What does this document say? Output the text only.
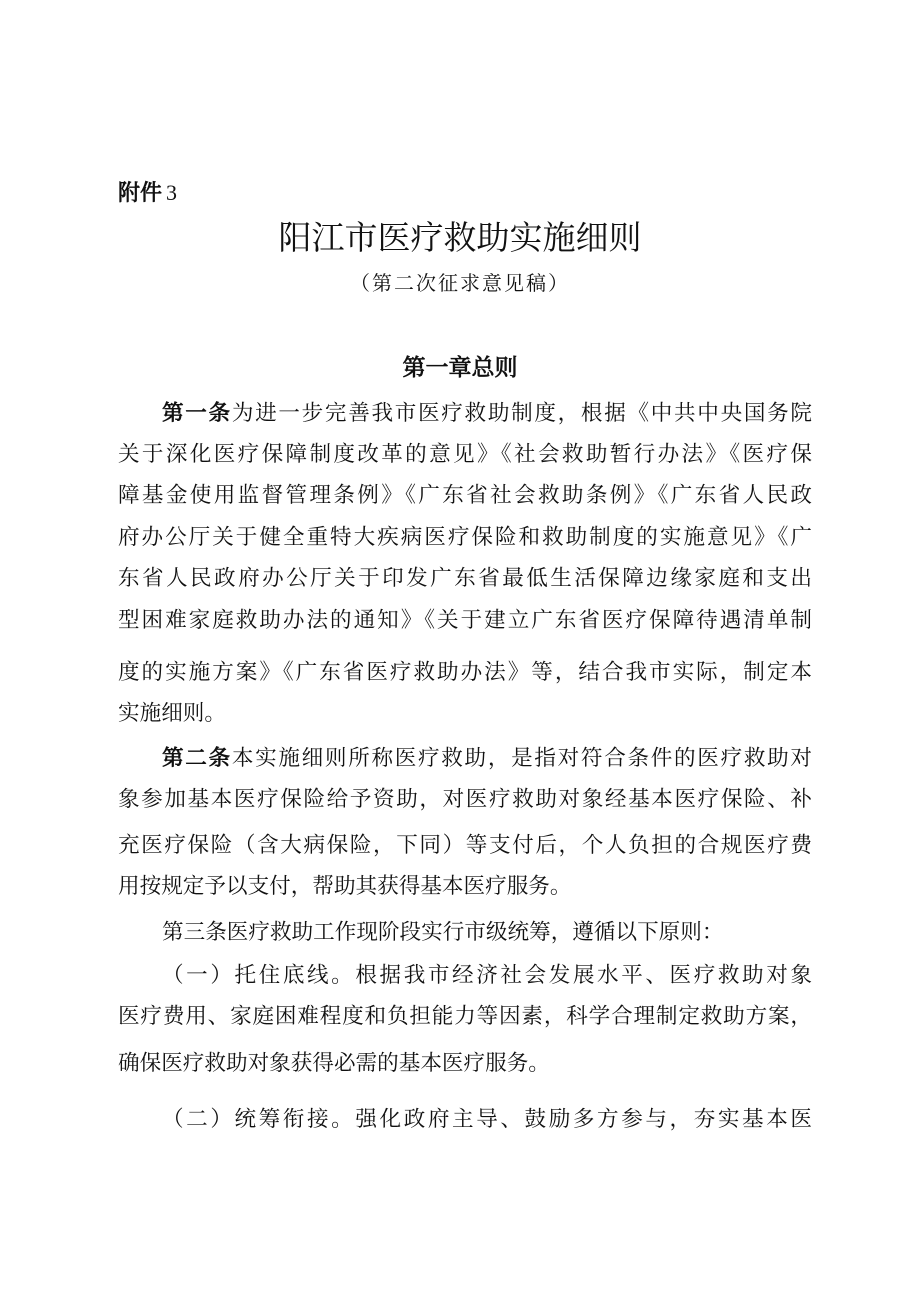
附件 3
阳江市医疗救助实施细则
（第二次征求意见稿）
第一章总则
第一条为进一步完善我市医疗救助制度，根据《中共中央国务院
关于深化医疗保障制度改革的意见》《社会救助暂行办法》《医疗保
障基金使用监督管理条例》《广东省社会救助条例》《广东省人民政
府办公厅关于健全重特大疾病医疗保险和救助制度的实施意见》《广
东省人民政府办公厅关于印发广东省最低生活保障边缘家庭和支出
型困难家庭救助办法的通知》《关于建立广东省医疗保障待遇清单制
度的实施方案》《广东省医疗救助办法》等，结合我市实际，制定本
实施细则。
第二条本实施细则所称医疗救助，是指对符合条件的医疗救助对
象参加基本医疗保险给予资助，对医疗救助对象经基本医疗保险、补
充医疗保险（含大病保险，下同）等支付后，个人负担的合规医疗费
用按规定予以支付，帮助其获得基本医疗服务。
第三条医疗救助工作现阶段实行市级统筹，遵循以下原则：
（一）托住底线。根据我市经济社会发展水平、医疗救助对象
医疗费用、家庭困难程度和负担能力等因素，科学合理制定救助方案，
确保医疗救助对象获得必需的基本医疗服务。
（二）统筹衔接。强化政府主导、鼓励多方参与，夯实基本医
